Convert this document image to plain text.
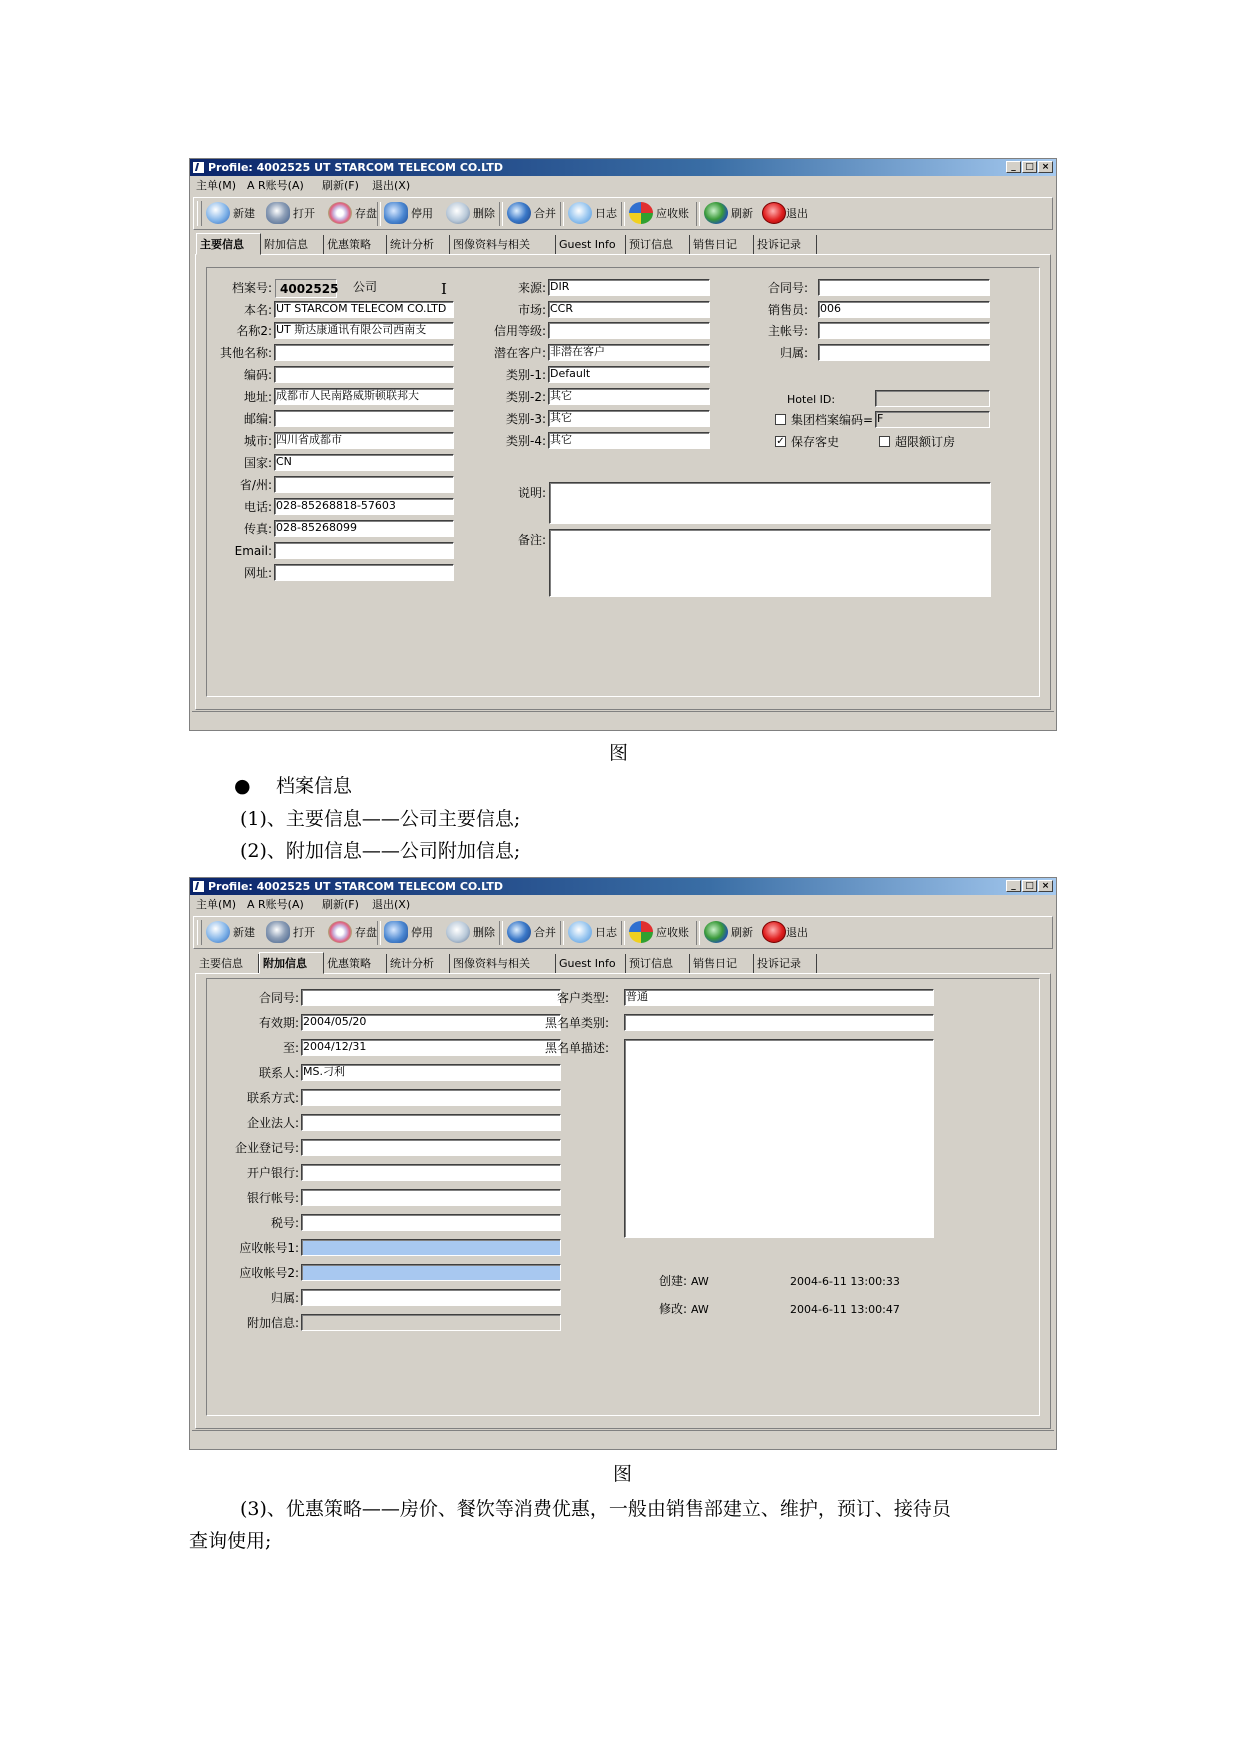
Profile: 4002525 UT STARCOM TELECOM CO.LTD	_ □ ×
主单(M) A R账号(A) 刷新(F) 退出(X)
新建	打开	存盘	停用	删除	合并	日志	应收账	刷新	退出
主要信息	附加信息	优惠策略	统计分析	图像资料与相关	Guest Info	预订信息	销售日记	投诉记录
档案号: 4002525 公司	I
本名: UT STARCOM TELECOM CO.LTD
名称2: UT 斯达康通讯有限公司西南支
其他名称:
编码:
地址: 成都市人民南路威斯顿联邦大
邮编:
城市: 四川省成都市
国家: CN
省/州:
电话: 028-85268818-57603
传真: 028-85268099
Email:
网址:
来源: DIR
市场: CCR
信用等级:
潜在客户: 非潜在客户
类别-1: Default
类别-2: 其它
类别-3: 其它
类别-4: 其它
说明:
备注:
合同号:
销售员: 006
主帐号:
归属:
Hotel ID:
集团档案编码= F
✓ 保存客史	超限额订房
图
● 档案信息
(1)、主要信息——公司主要信息;
(2)、附加信息——公司附加信息;
Profile: 4002525 UT STARCOM TELECOM CO.LTD	_ □ ×
主单(M) A R账号(A) 刷新(F) 退出(X)
新建	打开	存盘	停用	删除	合并	日志	应收账	刷新	退出
主要信息	附加信息	优惠策略	统计分析	图像资料与相关	Guest Info	预订信息	销售日记	投诉记录
合同号:
有效期: 2004/05/20
至: 2004/12/31
联系人: MS.刁利
联系方式:
企业法人:
企业登记号:
开户银行:
银行帐号:
税号:
应收帐号1:
应收帐号2:
归属:
附加信息:
客户类型: 普通
黑名单类别:
黑名单描述:
创建: AW	2004-6-11 13:00:33
修改: AW	2004-6-11 13:00:47
图
(3)、优惠策略——房价、餐饮等消费优惠，一般由销售部建立、维护，预订、接待员
查询使用;
